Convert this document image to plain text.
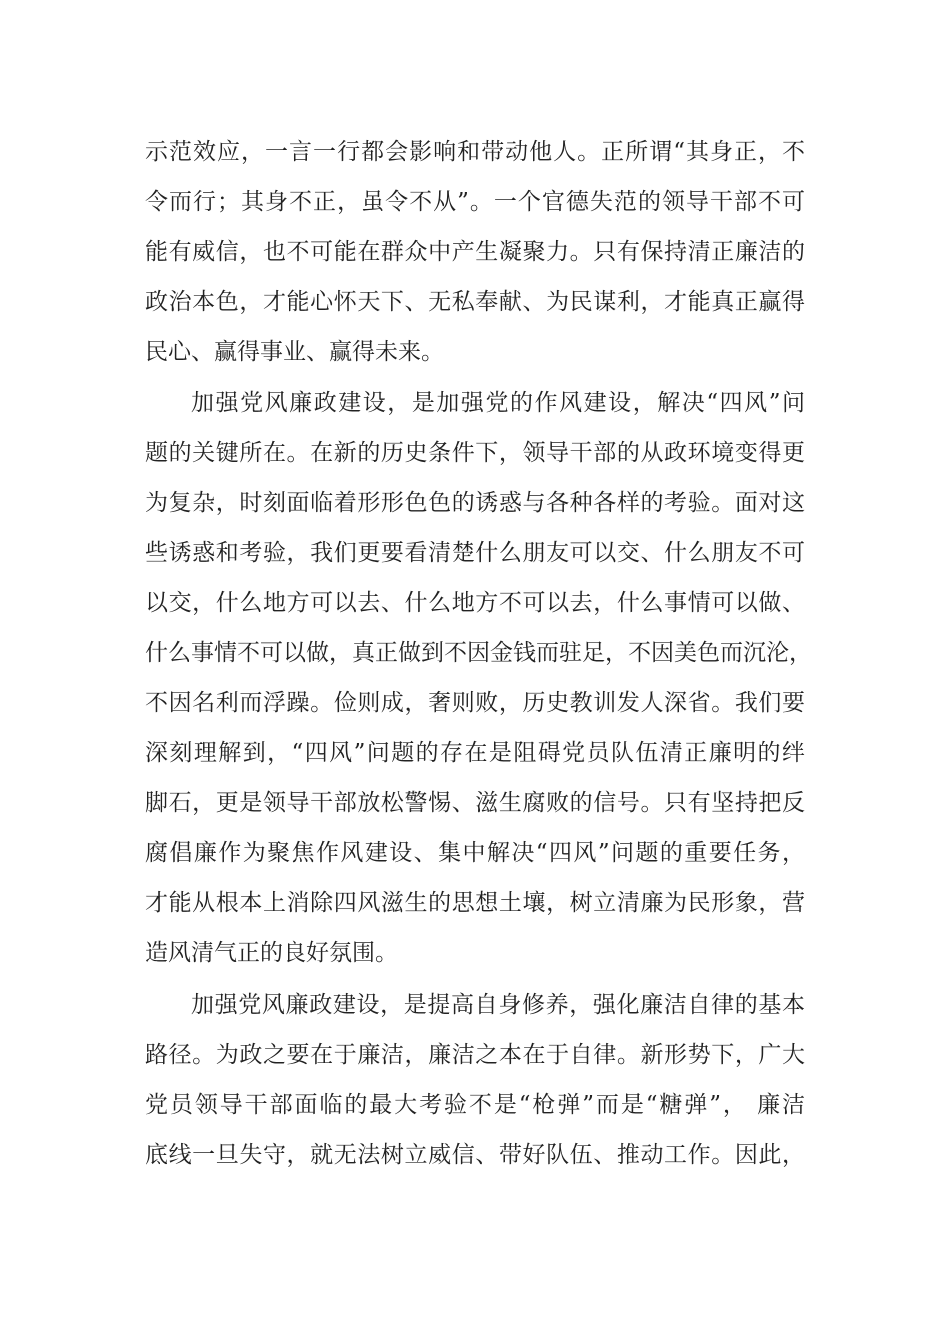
示范效应，一言一行都会影响和带动他人。正所谓“其身正，不
令而行；其身不正，虽令不从”。一个官德失范的领导干部不可
能有威信，也不可能在群众中产生凝聚力。只有保持清正廉洁的
政治本色，才能心怀天下、无私奉献、为民谋利，才能真正赢得
民心、赢得事业、赢得未来。
加强党风廉政建设，是加强党的作风建设，解决“四风”问
题的关键所在。在新的历史条件下，领导干部的从政环境变得更
为复杂，时刻面临着形形色色的诱惑与各种各样的考验。面对这
些诱惑和考验，我们更要看清楚什么朋友可以交、什么朋友不可
以交，什么地方可以去、什么地方不可以去，什么事情可以做、
什么事情不可以做，真正做到不因金钱而驻足，不因美色而沉沦，
不因名利而浮躁。俭则成，奢则败，历史教训发人深省。我们要
深刻理解到，“四风”问题的存在是阻碍党员队伍清正廉明的绊
脚石，更是领导干部放松警惕、滋生腐败的信号。只有坚持把反
腐倡廉作为聚焦作风建设、集中解决“四风”问题的重要任务，
才能从根本上消除四风滋生的思想土壤，树立清廉为民形象，营
造风清气正的良好氛围。
加强党风廉政建设，是提高自身修养，强化廉洁自律的基本
路径。为政之要在于廉洁，廉洁之本在于自律。新形势下，广大
党员领导干部面临的最大考验不是“枪弹”而是“糖弹”， 廉洁
底线一旦失守，就无法树立威信、带好队伍、推动工作。因此，
